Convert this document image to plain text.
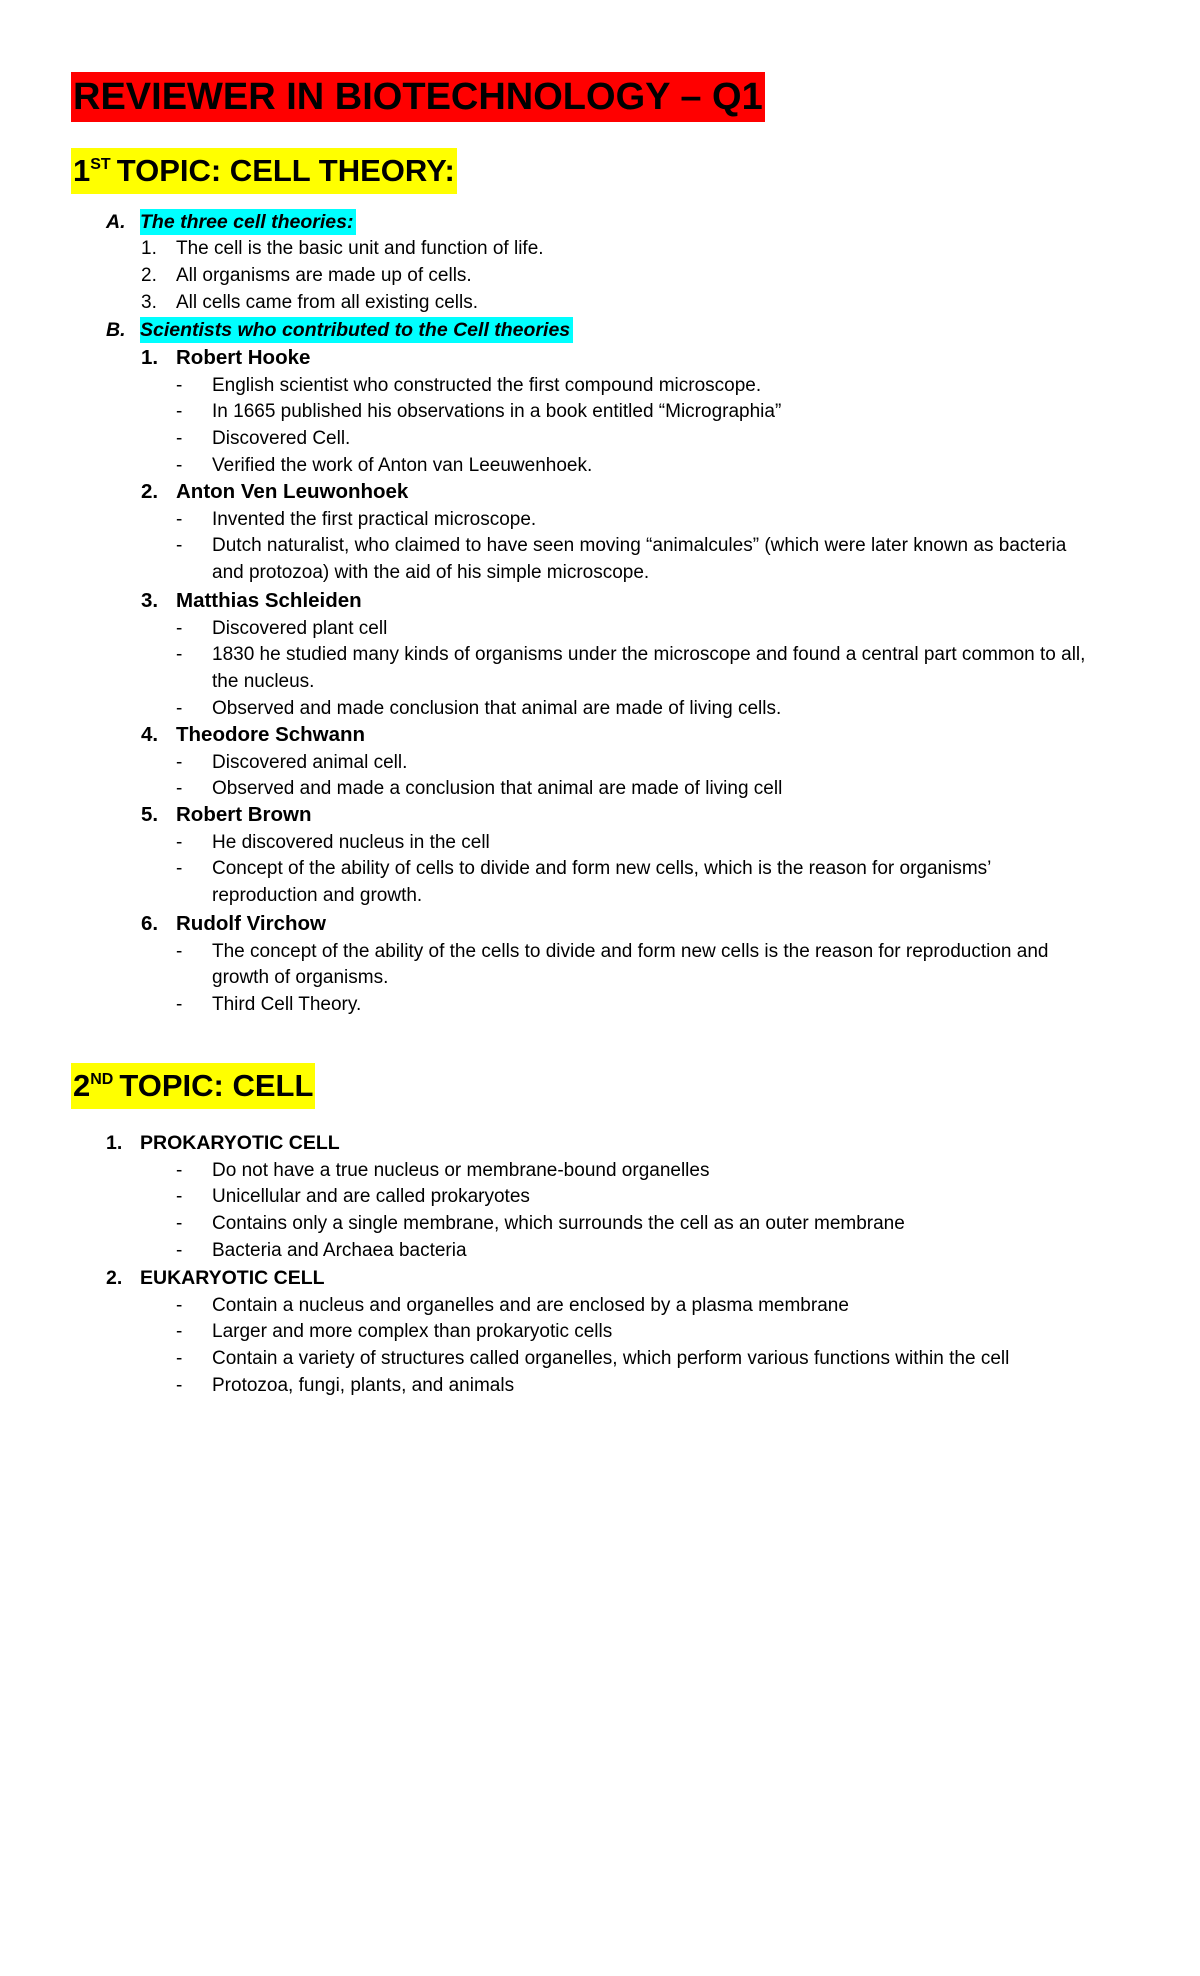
REVIEWER IN BIOTECHNOLOGY – Q1
1ST TOPIC: CELL THEORY:
A. The three cell theories:
1. The cell is the basic unit and function of life.
2. All organisms are made up of cells.
3. All cells came from all existing cells.
B. Scientists who contributed to the Cell theories
1. Robert Hooke
- English scientist who constructed the first compound microscope.
- In 1665 published his observations in a book entitled “Micrographia”
- Discovered Cell.
- Verified the work of Anton van Leeuwenhoek.
2. Anton Ven Leuwonhoek
- Invented the first practical microscope.
- Dutch naturalist, who claimed to have seen moving “animalcules” (which were later known as bacteria
and protozoa) with the aid of his simple microscope.
3. Matthias Schleiden
- Discovered plant cell
- 1830 he studied many kinds of organisms under the microscope and found a central part common to all,
the nucleus.
- Observed and made conclusion that animal are made of living cells.
4. Theodore Schwann
- Discovered animal cell.
- Observed and made a conclusion that animal are made of living cell
5. Robert Brown
- He discovered nucleus in the cell
- Concept of the ability of cells to divide and form new cells, which is the reason for organisms’
reproduction and growth.
6. Rudolf Virchow
- The concept of the ability of the cells to divide and form new cells is the reason for reproduction and
growth of organisms.
- Third Cell Theory.
2ND TOPIC: CELL
1. PROKARYOTIC CELL
- Do not have a true nucleus or membrane-bound organelles
- Unicellular and are called prokaryotes
- Contains only a single membrane, which surrounds the cell as an outer membrane
- Bacteria and Archaea bacteria
2. EUKARYOTIC CELL
- Contain a nucleus and organelles and are enclosed by a plasma membrane
- Larger and more complex than prokaryotic cells
- Contain a variety of structures called organelles, which perform various functions within the cell
- Protozoa, fungi, plants, and animals
